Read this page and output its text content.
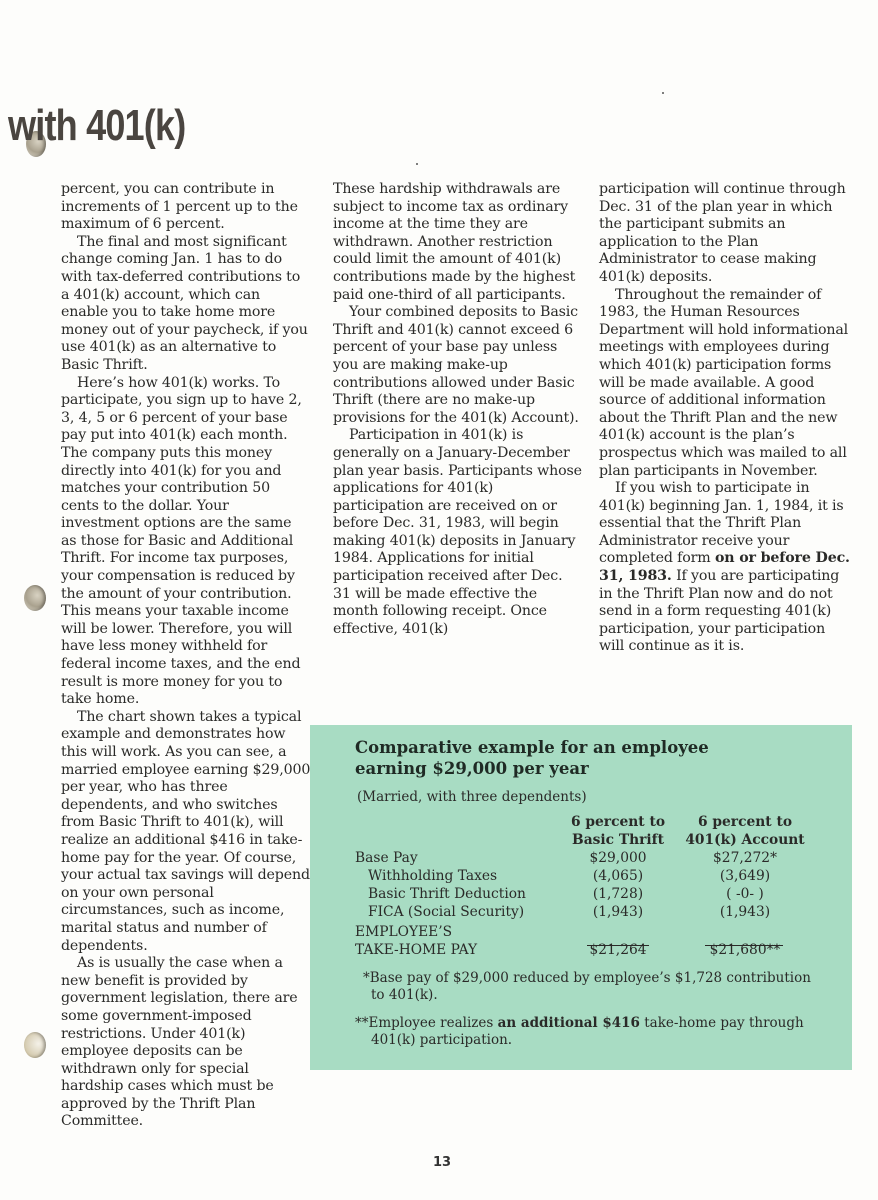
with 401(k)

percent, you can contribute in increments of 1 percent up to the maximum of 6 percent.

The final and most significant change coming Jan. 1 has to do with tax-deferred contributions to a 401(k) account, which can enable you to take home more money out of your paycheck, if you use 401(k) as an alternative to Basic Thrift.

Here’s how 401(k) works. To participate, you sign up to have 2, 3, 4, 5 or 6 percent of your base pay put into 401(k) each month. The company puts this money directly into 401(k) for you and matches your contribution 50 cents to the dollar. Your investment options are the same as those for Basic and Additional Thrift. For income tax purposes, your compensation is reduced by the amount of your contribution. This means your taxable income will be lower. Therefore, you will have less money withheld for federal income taxes, and the end result is more money for you to take home.

The chart shown takes a typical example and demonstrates how this will work. As you can see, a married employee earning $29,000 per year, who has three dependents, and who switches from Basic Thrift to 401(k), will realize an additional $416 in take-home pay for the year. Of course, your actual tax savings will depend on your own personal circumstances, such as income, marital status and number of dependents.

As is usually the case when a new benefit is provided by government legislation, there are some government-imposed restrictions. Under 401(k) employee deposits can be withdrawn only for special hardship cases which must be approved by the Thrift Plan Committee.

These hardship withdrawals are subject to income tax as ordinary income at the time they are withdrawn. Another restriction could limit the amount of 401(k) contributions made by the highest paid one-third of all participants.

Your combined deposits to Basic Thrift and 401(k) cannot exceed 6 percent of your base pay unless you are making make-up contributions allowed under Basic Thrift (there are no make-up provisions for the 401(k) Account).

Participation in 401(k) is generally on a January-December plan year basis. Participants whose applications for 401(k) participation are received on or before Dec. 31, 1983, will begin making 401(k) deposits in January 1984. Applications for initial participation received after Dec. 31 will be made effective the month following receipt. Once effective, 401(k)

participation will continue through Dec. 31 of the plan year in which the participant submits an application to the Plan Administrator to cease making 401(k) deposits.

Throughout the remainder of 1983, the Human Resources Department will hold informational meetings with employees during which 401(k) participation forms will be made available. A good source of additional information about the Thrift Plan and the new 401(k) account is the plan’s prospectus which was mailed to all plan participants in November.

If you wish to participate in 401(k) beginning Jan. 1, 1984, it is essential that the Thrift Plan Administrator receive your completed form on or before Dec. 31, 1983. If you are participating in the Thrift Plan now and do not send in a form requesting 401(k) participation, your participation will continue as it is.

Comparative example for an employee
earning $29,000 per year
(Married, with three dependents)
6 percent to	6 percent to
Basic Thrift	401(k) Account
Base Pay	$29,000	$27,272*
Withholding Taxes	(4,065)	(3,649)
Basic Thrift Deduction	(1,728)	( -0- )
FICA (Social Security)	(1,943)	(1,943)
EMPLOYEE’S
TAKE-HOME PAY	$21,264	$21,680**
*Base pay of $29,000 reduced by employee’s $1,728 contribution
to 401(k).
**Employee realizes an additional $416 take-home pay through
401(k) participation.
13
